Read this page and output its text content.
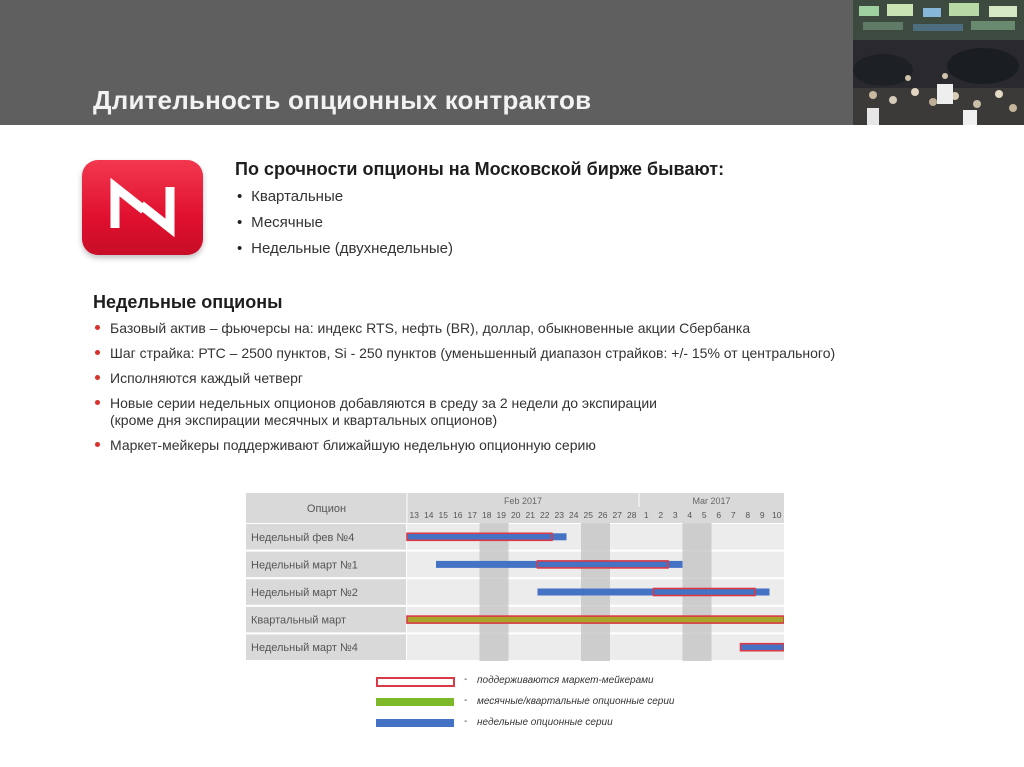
Длительность опционных контрактов
По срочности опционы на Московской бирже бывают:
• Квартальные
• Месячные
• Недельные (двухнедельные)
Недельные опционы
Базовый актив – фьючерсы на: индекс RTS, нефть (BR), доллар, обыкновенные акции Сбербанка
Шаг страйка: РТС – 2500 пунктов, Si - 250 пунктов (уменьшенный диапазон страйков: +/- 15% от центрального)
Исполняются каждый четверг
Новые серии недельных опционов добавляются в среду за 2 недели до экспирации
(кроме дня экспирации месячных и квартальных опционов)
Маркет-мейкеры поддерживают ближайшую недельную опционную серию
Опцион
Feb 2017	Mar 2017
13 14 15 16 17 18 19 20 21 22 23 24 25 26 27 28 1 2 3 4 5 6 7 8 9 10
Недельный фев №4
Недельный март №1
Недельный март №2
Квартальный март
Недельный март №4
- поддерживаются маркет-мейкерами
- месячные/квартальные опционные серии
- недельные опционные серии
